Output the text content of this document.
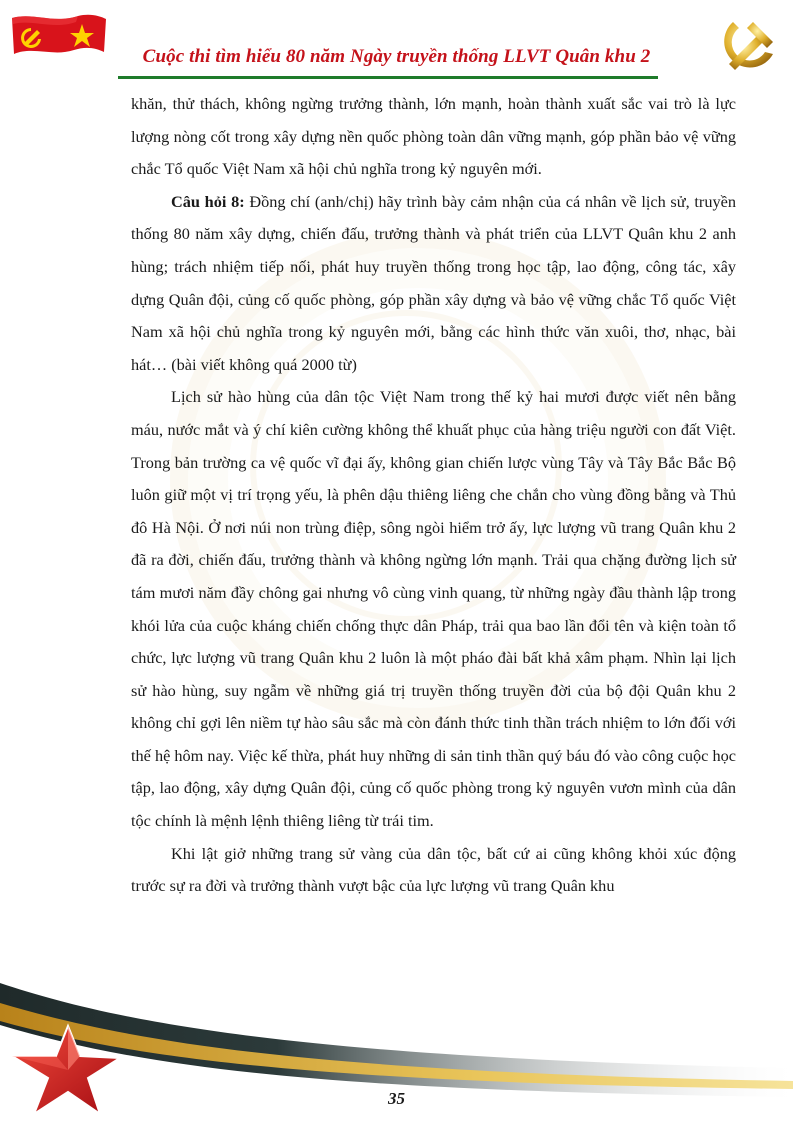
Cuộc thi tìm hiểu 80 năm Ngày truyền thống LLVT Quân khu 2

khăn, thử thách, không ngừng trưởng thành, lớn mạnh, hoàn thành xuất sắc vai trò là lực lượng nòng cốt trong xây dựng nền quốc phòng toàn dân vững mạnh, góp phần bảo vệ vững chắc Tổ quốc Việt Nam xã hội chủ nghĩa trong kỷ nguyên mới.

Câu hỏi 8: Đồng chí (anh/chị) hãy trình bày cảm nhận của cá nhân về lịch sử, truyền thống 80 năm xây dựng, chiến đấu, trưởng thành và phát triển của LLVT Quân khu 2 anh hùng; trách nhiệm tiếp nối, phát huy truyền thống trong học tập, lao động, công tác, xây dựng Quân đội, củng cố quốc phòng, góp phần xây dựng và bảo vệ vững chắc Tổ quốc Việt Nam xã hội chủ nghĩa trong kỷ nguyên mới, bằng các hình thức văn xuôi, thơ, nhạc, bài hát… (bài viết không quá 2000 từ)

Lịch sử hào hùng của dân tộc Việt Nam trong thế kỷ hai mươi được viết nên bằng máu, nước mắt và ý chí kiên cường không thể khuất phục của hàng triệu người con đất Việt. Trong bản trường ca vệ quốc vĩ đại ấy, không gian chiến lược vùng Tây và Tây Bắc Bắc Bộ luôn giữ một vị trí trọng yếu, là phên dậu thiêng liêng che chắn cho vùng đồng bằng và Thủ đô Hà Nội. Ở nơi núi non trùng điệp, sông ngòi hiểm trở ấy, lực lượng vũ trang Quân khu 2 đã ra đời, chiến đấu, trưởng thành và không ngừng lớn mạnh. Trải qua chặng đường lịch sử tám mươi năm đầy chông gai nhưng vô cùng vinh quang, từ những ngày đầu thành lập trong khói lửa của cuộc kháng chiến chống thực dân Pháp, trải qua bao lần đổi tên và kiện toàn tổ chức, lực lượng vũ trang Quân khu 2 luôn là một pháo đài bất khả xâm phạm. Nhìn lại lịch sử hào hùng, suy ngẫm về những giá trị truyền thống truyền đời của bộ đội Quân khu 2 không chỉ gợi lên niềm tự hào sâu sắc mà còn đánh thức tinh thần trách nhiệm to lớn đối với thế hệ hôm nay. Việc kế thừa, phát huy những di sản tinh thần quý báu đó vào công cuộc học tập, lao động, xây dựng Quân đội, củng cố quốc phòng trong kỷ nguyên vươn mình của dân tộc chính là mệnh lệnh thiêng liêng từ trái tim.

Khi lật giở những trang sử vàng của dân tộc, bất cứ ai cũng không khỏi xúc động trước sự ra đời và trưởng thành vượt bậc của lực lượng vũ trang Quân khu

35
